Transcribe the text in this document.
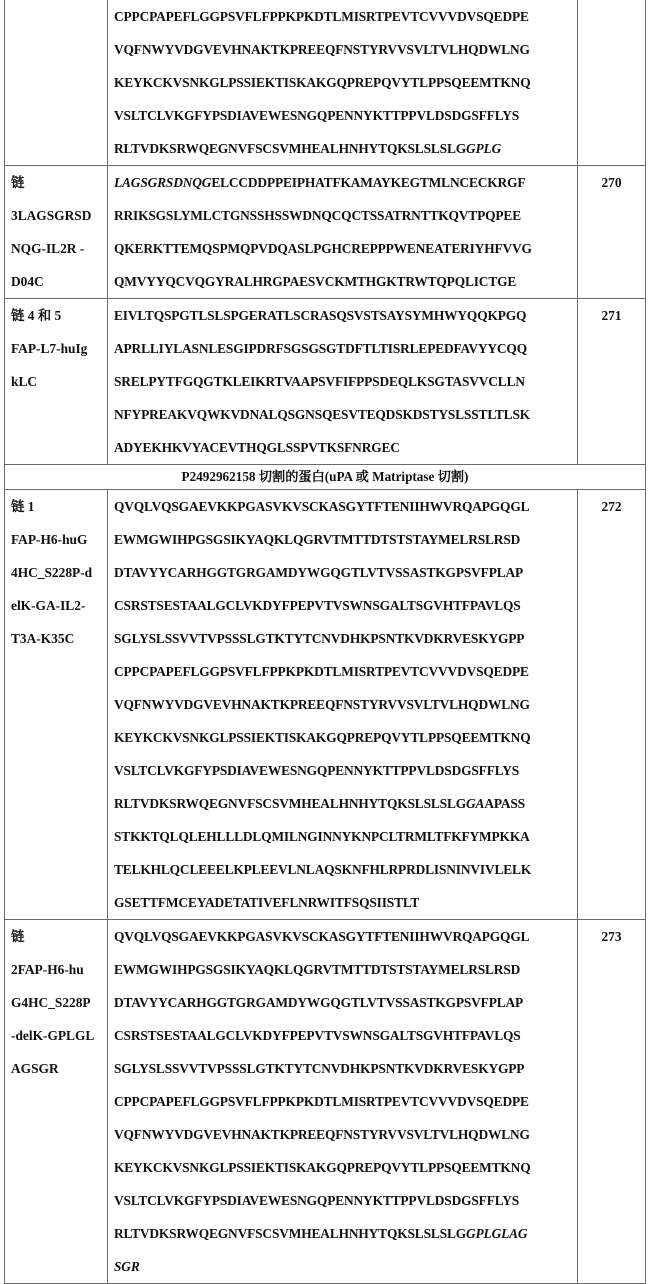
	CPPCPAPEFLGGPSVFLFPPKPKDTLMISRTPEVTCVVVDVSQEDPE
VQFNWYVDGVEVHNAKTKPREEQFNSTYRVVSVLTVLHQDWLNG
KEYKCKVSNKGLPSSIEKTISKAKGQPREPQVYTLPPSQEEMTKNQ
VSLTCLVKGFYPSDIAVEWESNGQPENNYKTTPPVLDSDGSFFLYS
RLTVDKSRWQEGNVFSCSVMHEALHNHYTQKSLSLSLGGPLG	

链
3LAGSGRSD
NQG-IL2R -
D04C	LAGSGRSDNQGELCCDDPPEIPHATFKAMAYKEGTMLNCECKRGF
RRIKSGSLYMLCTGNSSHSSWDNQCQCTSSATRNTTKQVTPQPEE
QKERKTTEMQSPMQPVDQASLPGHCREPPPWENEATERIYHFVVG
QMVYYQCVQGYRALHRGPAESVCKMTHGKTRWTQPQLICTGE	270

链 4 和 5
FAP-L7-huIg
kLC

EIVLTQSPGTLSLSPGERATLSCRASQSVSTSAYSYMHWYQQKPGQ
APRLLIYLASNLESGIPDRFSGSGSGTDFTLTISRLEPEDFAVYYCQQ
SRELPYTFGQGTKLEIKRTVAAPSVFIFPPSDEQLKSGTASVVCLLN
NFYPREAKVQWKVDNALQSGNSQESVTEQDSKDSTYSLSSTLTLSK
ADYEKHKVYACEVTHQGLSSPVTKSFNRGEC
	271
P2492962158 切割的蛋白(uPA 或 Matriptase 切割)		

链 1
FAP-H6-huG
4HC_S228P-d
elK-GA-IL2-
T3A-K35C

QVQLVQSGAEVKKPGASVKVSCKASGYTFTENIIHWVRQAPGQGL
EWMGWIHPGSGSIKYAQKLQGRVTMTTDTSTSTAYMELRSLRSD
DTAVYYCARHGGTGRGAMDYWGQGTLVTVSSASTKGPSVFPLAP
CSRSTSESTAALGCLVKDYFPEPVTVSWNSGALTSGVHTFPAVLQS
SGLYSLSSVVTVPSSSLGTKTYTCNVDHKPSNTKVDKRVESKYGPP
CPPCPAPEFLGGPSVFLFPPKPKDTLMISRTPEVTCVVVDVSQEDPE
VQFNWYVDGVEVHNAKTKPREEQFNSTYRVVSVLTVLHQDWLNG
KEYKCKVSNKGLPSSIEKTISKAKGQPREPQVYTLPPSQEEMTKNQ
VSLTCLVKGFYPSDIAVEWESNGQPENNYKTTPPVLDSDGSFFLYS
RLTVDKSRWQEGNVFSCSVMHEALHNHYTQKSLSLSLGGAAPASS
STKKTQLQLEHLLLDLQMILNGINNYKNPCLTRMLTFKFYMPKKA
TELKHLQCLEEELKPLEEVLNLAQSKNFHLRPRDLISNINVIVLELK
GSETTFMCEYADETATIVEFLNRWITFSQSIISTLT
	272

链
2FAP-H6-hu
G4HC_S228P
-delK-GPLGL
AGSGR

QVQLVQSGAEVKKPGASVKVSCKASGYTFTENIIHWVRQAPGQGL
EWMGWIHPGSGSIKYAQKLQGRVTMTTDTSTSTAYMELRSLRSD
DTAVYYCARHGGTGRGAMDYWGQGTLVTVSSASTKGPSVFPLAP
CSRSTSESTAALGCLVKDYFPEPVTVSWNSGALTSGVHTFPAVLQS
SGLYSLSSVVTVPSSSLGTKTYTCNVDHKPSNTKVDKRVESKYGPP
CPPCPAPEFLGGPSVFLFPPKPKDTLMISRTPEVTCVVVDVSQEDPE
VQFNWYVDGVEVHNAKTKPREEQFNSTYRVVSVLTVLHQDWLNG
KEYKCKVSNKGLPSSIEKTISKAKGQPREPQVYTLPPSQEEMTKNQ
VSLTCLVKGFYPSDIAVEWESNGQPENNYKTTPPVLDSDGSFFLYS
RLTVDKSRWQEGNVFSCSVMHEALHNHYTQKSLSLSLGGPLGLAG
SGR
	273
